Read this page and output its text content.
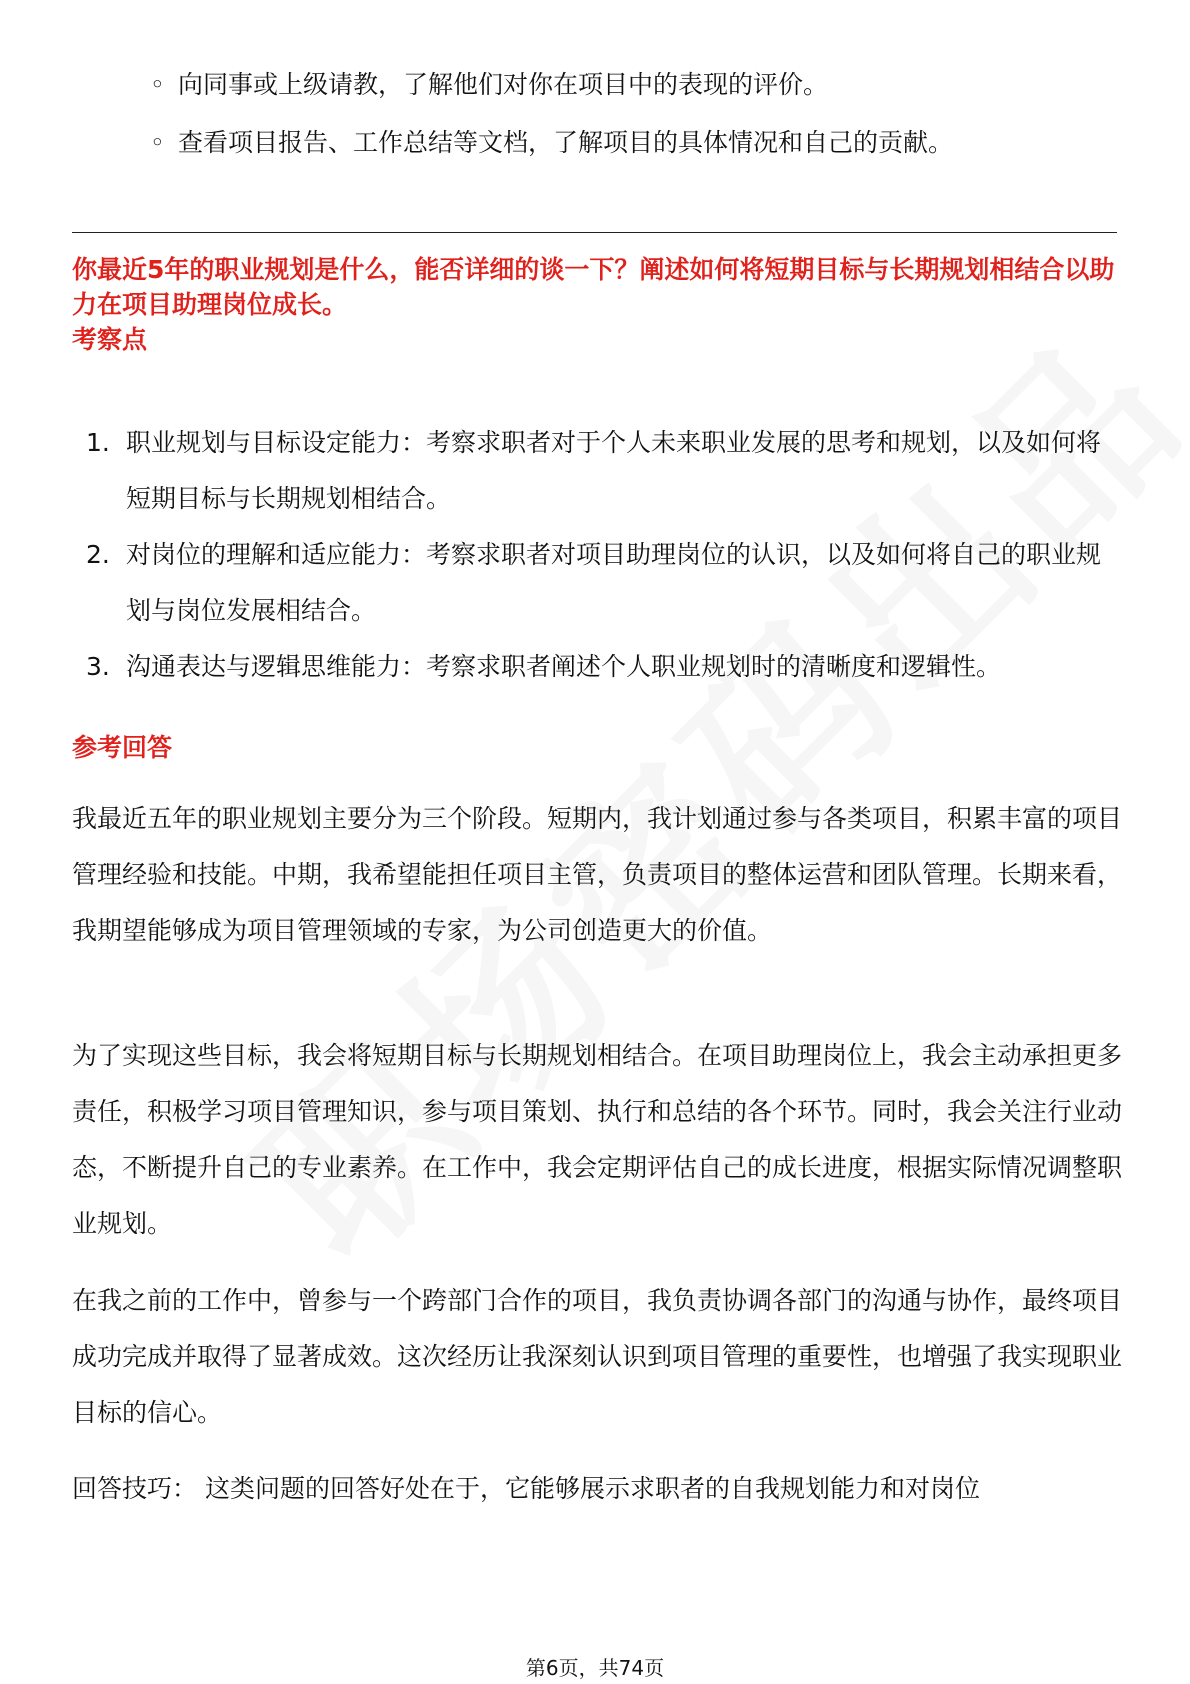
◦ 向同事或上级请教，了解他们对你在项目中的表现的评价。
◦ 查看项目报告、工作总结等文档，了解项目的具体情况和自己的贡献。
你最近5年的职业规划是什么，能否详细的谈一下？阐述如何将短期目标与长期规划相结合以助力在项目助理岗位成长。
考察点
1. 职业规划与目标设定能力：考察求职者对于个人未来职业发展的思考和规划，以及如何将短期目标与长期规划相结合。
2. 对岗位的理解和适应能力：考察求职者对项目助理岗位的认识，以及如何将自己的职业规划与岗位发展相结合。
3. 沟通表达与逻辑思维能力：考察求职者阐述个人职业规划时的清晰度和逻辑性。
参考回答

我最近五年的职业规划主要分为三个阶段。短期内，我计划通过参与各类项目，积累丰富的项目管理经验和技能。中期，我希望能担任项目主管，负责项目的整体运营和团队管理。长期来看，我期望能够成为项目管理领域的专家，为公司创造更大的价值。

为了实现这些目标，我会将短期目标与长期规划相结合。在项目助理岗位上，我会主动承担更多责任，积极学习项目管理知识，参与项目策划、执行和总结的各个环节。同时，我会关注行业动态，不断提升自己的专业素养。在工作中，我会定期评估自己的成长进度，根据实际情况调整职业规划。

在我之前的工作中，曾参与一个跨部门合作的项目，我负责协调各部门的沟通与协作，最终项目成功完成并取得了显著成效。这次经历让我深刻认识到项目管理的重要性，也增强了我实现职业目标的信心。

回答技巧： 这类问题的回答好处在于，它能够展示求职者的自我规划能力和对岗位

第6页，共74页
